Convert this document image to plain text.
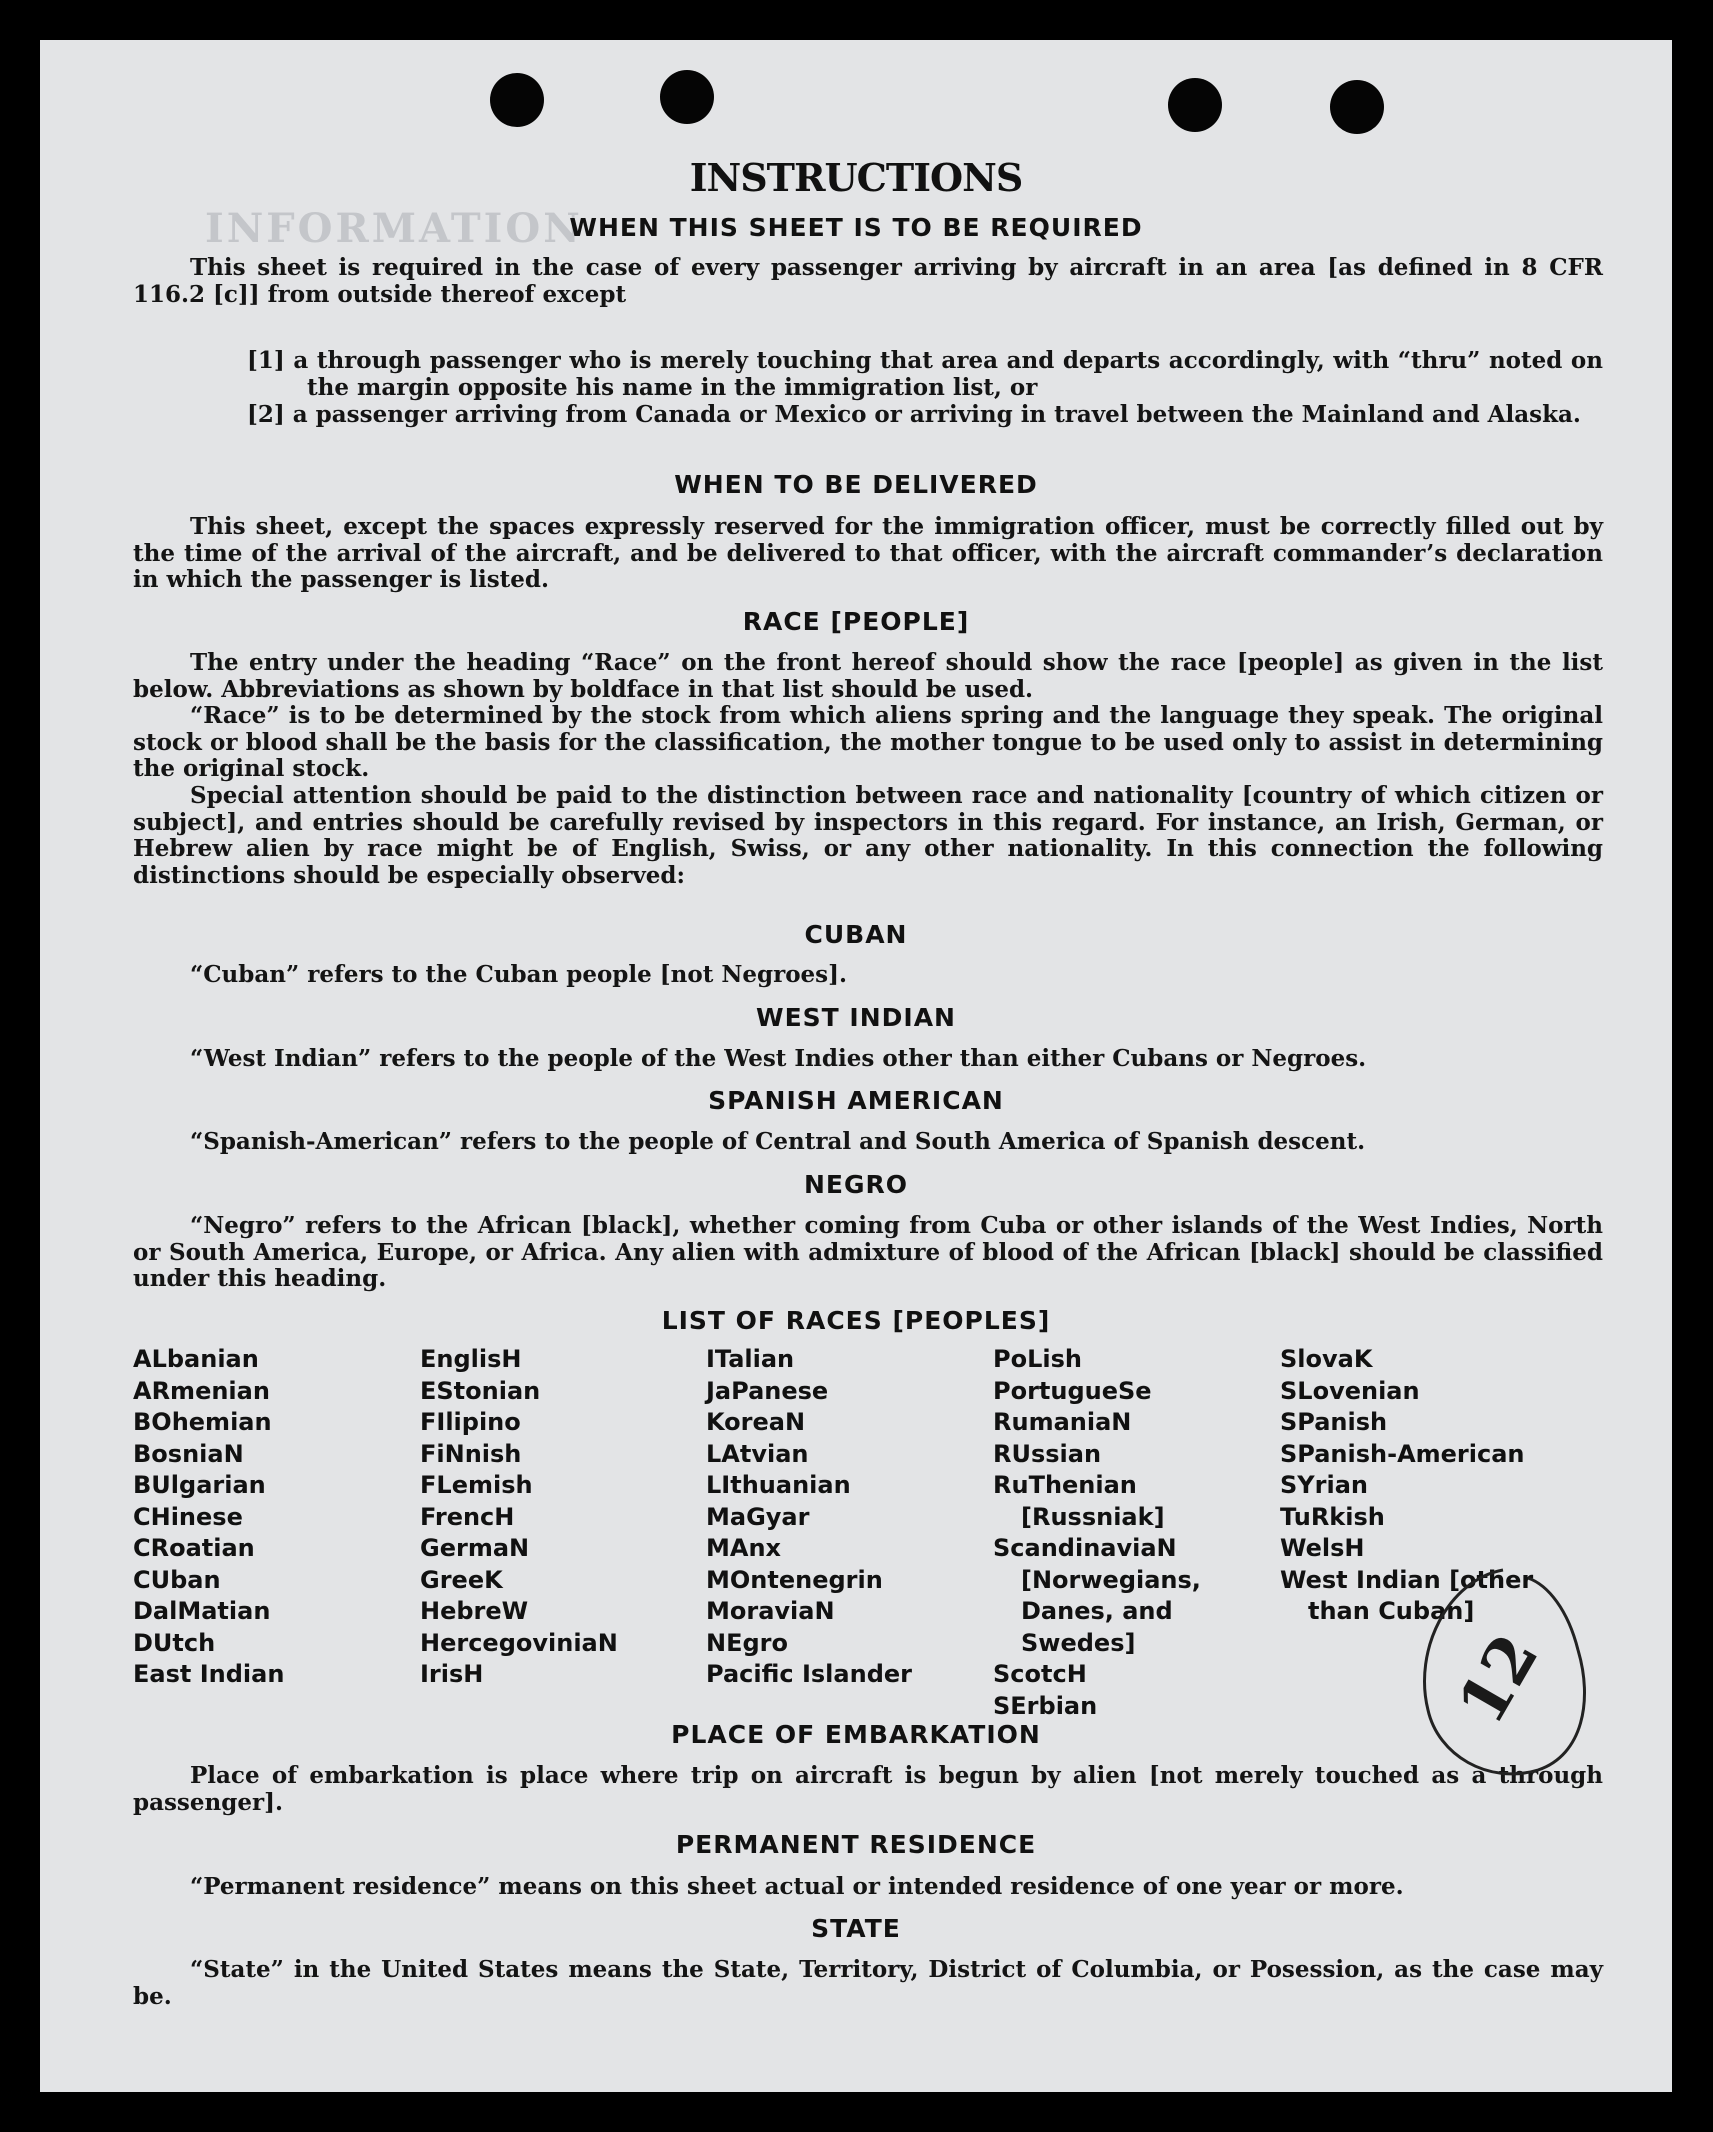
INFORMATION
INSTRUCTIONS
WHEN THIS SHEET IS TO BE REQUIRED
This sheet is required in the case of every passenger arriving by aircraft in an area [as defined in 8 CFR 116.2 [c]] from outside thereof except
[1] a through passenger who is merely touching that area and departs accordingly, with “thru” noted on the margin opposite his name in the immigration list, or
[2] a passenger arriving from Canada or Mexico or arriving in travel between the Mainland and Alaska.
WHEN TO BE DELIVERED
This sheet, except the spaces expressly reserved for the immigration officer, must be correctly filled out by the time of the arrival of the aircraft, and be delivered to that officer, with the aircraft commander’s declaration in which the passenger is listed.
RACE [PEOPLE]
The entry under the heading “Race” on the front hereof should show the race [people] as given in the list below. Abbreviations as shown by boldface in that list should be used.
“Race” is to be determined by the stock from which aliens spring and the language they speak. The original stock or blood shall be the basis for the classification, the mother tongue to be used only to assist in determining the original stock.
Special attention should be paid to the distinction between race and nationality [country of which citizen or subject], and entries should be carefully revised by inspectors in this regard. For instance, an Irish, German, or Hebrew alien by race might be of English, Swiss, or any other nationality. In this connection the following distinctions should be especially observed:
CUBAN
“Cuban” refers to the Cuban people [not Negroes].
WEST INDIAN
“West Indian” refers to the people of the West Indies other than either Cubans or Negroes.
SPANISH AMERICAN
“Spanish-American” refers to the people of Central and South America of Spanish descent.
NEGRO
“Negro” refers to the African [black], whether coming from Cuba or other islands of the West Indies, North or South America, Europe, or Africa. Any alien with admixture of blood of the African [black] should be classified under this heading.
LIST OF RACES [PEOPLES]
ALbanian
ARmenian
BOhemian
BosniaN
BUlgarian
CHinese
CRoatian
CUban
DalMatian
DUtch
East Indian
EnglisH
EStonian
FIlipino
FiNnish
FLemish
FrencH
GermaN
GreeK
HebreW
HercegoviniaN
IrisH
ITalian
JaPanese
KoreaN
LAtvian
LIthuanian
MaGyar
MAnx
MOntenegrin
MoraviaN
NEgro
Pacific Islander
PoLish
PortugueSe
RumaniaN
RUssian
RuThenian [Russniak]
ScandinaviaN [Norwegians, Danes, and Swedes]
ScotcH
SErbian
SlovaK
SLovenian
SPanish
SPanish-American
SYrian
TuRkish
WelsH
West Indian [other than Cuban]
PLACE OF EMBARKATION
Place of embarkation is place where trip on aircraft is begun by alien [not merely touched as a through passenger].
PERMANENT RESIDENCE
“Permanent residence” means on this sheet actual or intended residence of one year or more.
STATE
“State” in the United States means the State, Territory, District of Columbia, or Posession, as the case may be.
12
